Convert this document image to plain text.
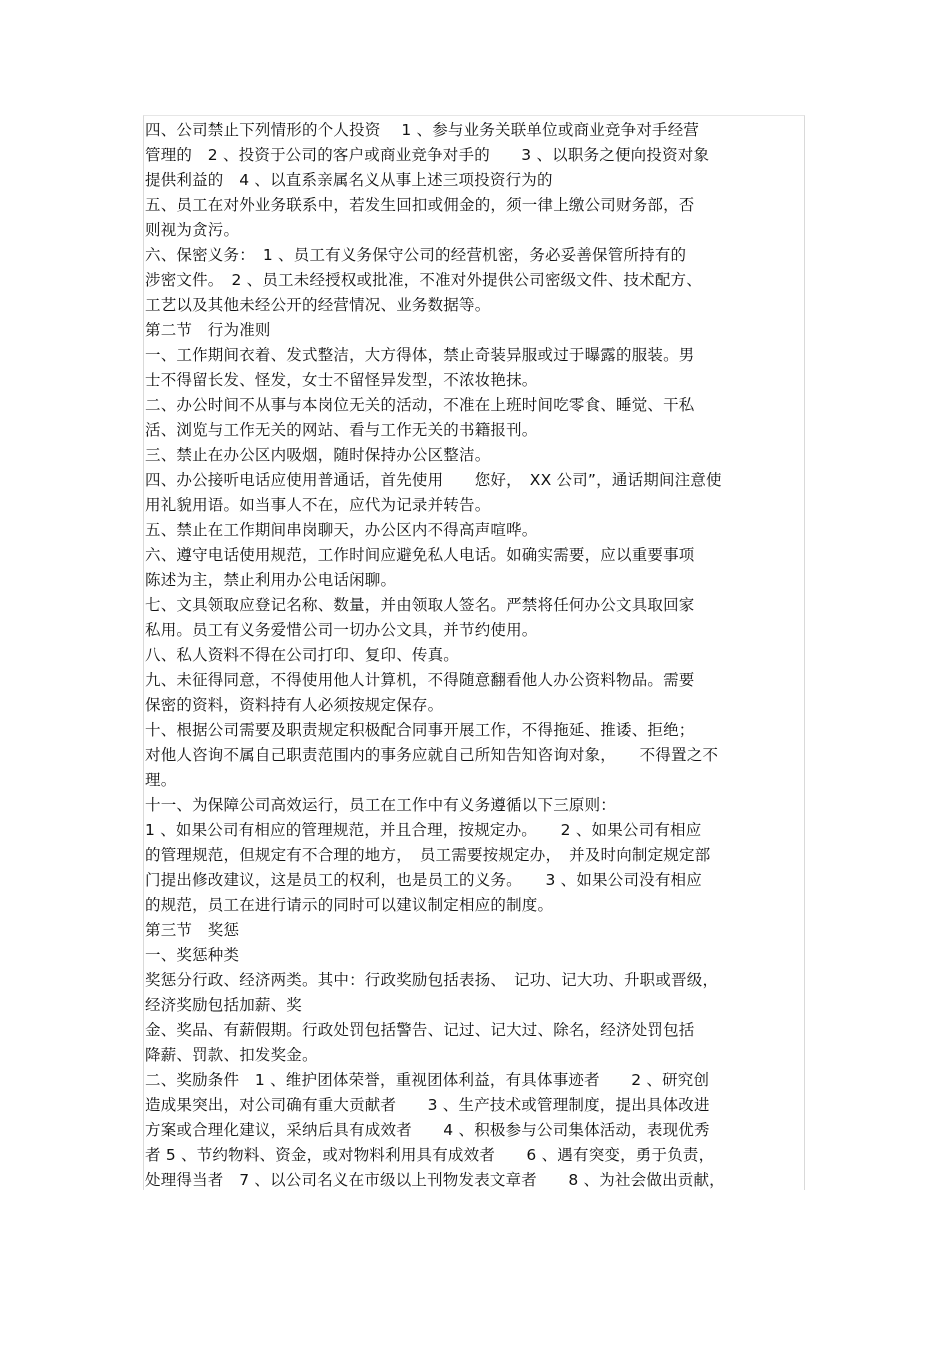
四、公司禁止下列情形的个人投资　 1 、参与业务关联单位或商业竞争对手经营
管理的　2 、投资于公司的客户或商业竞争对手的　　3 、以职务之便向投资对象
提供利益的　4 、以直系亲属名义从事上述三项投资行为的
五、员工在对外业务联系中，若发生回扣或佣金的，须一律上缴公司财务部，否
则视为贪污。
六、保密义务：　1 、员工有义务保守公司的经营机密，务必妥善保管所持有的
涉密文件。　2 、员工未经授权或批准，不准对外提供公司密级文件、技术配方、
工艺以及其他未经公开的经营情况、业务数据等。
第二节　行为准则
一、工作期间衣着、发式整洁，大方得体，禁止奇装异服或过于曝露的服装。男
士不得留长发、怪发，女士不留怪异发型，不浓妆艳抹。
二、办公时间不从事与本岗位无关的活动，不准在上班时间吃零食、睡觉、干私
活、浏览与工作无关的网站、看与工作无关的书籍报刊。
三、禁止在办公区内吸烟，随时保持办公区整洁。
四、办公接听电话应使用普通话，首先使用　　您好，　XX 公司”，通话期间注意使
用礼貌用语。如当事人不在，应代为记录并转告。
五、禁止在工作期间串岗聊天，办公区内不得高声喧哗。
六、遵守电话使用规范，工作时间应避免私人电话。如确实需要，应以重要事项
陈述为主，禁止利用办公电话闲聊。
七、文具领取应登记名称、数量，并由领取人签名。严禁将任何办公文具取回家
私用。员工有义务爱惜公司一切办公文具，并节约使用。
八、私人资料不得在公司打印、复印、传真。
九、未征得同意，不得使用他人计算机，不得随意翻看他人办公资料物品。需要
保密的资料，资料持有人必须按规定保存。
十、根据公司需要及职责规定积极配合同事开展工作，不得拖延、推诿、拒绝；
对他人咨询不属自己职责范围内的事务应就自己所知告知咨询对象，　　不得置之不
理。
十一、为保障公司高效运行，员工在工作中有义务遵循以下三原则：
1 、如果公司有相应的管理规范，并且合理，按规定办。　　2 、如果公司有相应
的管理规范，但规定有不合理的地方，　员工需要按规定办，　并及时向制定规定部
门提出修改建议，这是员工的权利，也是员工的义务。　　3 、如果公司没有相应
的规范，员工在进行请示的同时可以建议制定相应的制度。
第三节　奖惩
一、奖惩种类
奖惩分行政、经济两类。其中：行政奖励包括表扬、　记功、记大功、升职或晋级，
经济奖励包括加薪、奖
金、奖品、有薪假期。行政处罚包括警告、记过、记大过、除名，经济处罚包括
降薪、罚款、扣发奖金。
二、奖励条件　1 、维护团体荣誉，重视团体利益，有具体事迹者　　2 、研究创
造成果突出，对公司确有重大贡献者　　3 、生产技术或管理制度，提出具体改进
方案或合理化建议，采纳后具有成效者　　4 、积极参与公司集体活动，表现优秀
者 5 、节约物料、资金，或对物料利用具有成效者　　6 、遇有突变，勇于负责，
处理得当者　7 、以公司名义在市级以上刊物发表文章者　　8 、为社会做出贡献，
